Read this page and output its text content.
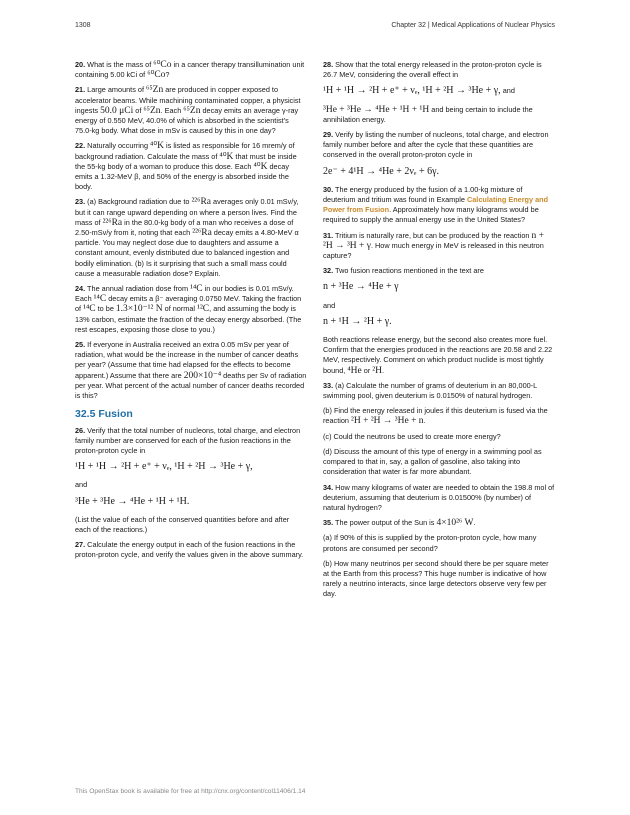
1308	Chapter 32 | Medical Applications of Nuclear Physics

20. What is the mass of ⁶⁰Co in a cancer therapy transillumination unit containing 5.00 kCi of ⁶⁰Co?

21. Large amounts of ⁶⁵Zn are produced in copper exposed to accelerator beams. While machining contaminated copper, a physicist ingests 50.0 μCi of ⁶⁵Zn. Each ⁶⁵Zn decay emits an average γ-ray energy of 0.550 MeV, 40.0% of which is absorbed in the scientist’s 75.0-kg body. What dose in mSv is caused by this in one day?

22. Naturally occurring ⁴⁰K is listed as responsible for 16 mrem/y of background radiation. Calculate the mass of ⁴⁰K that must be inside the 55-kg body of a woman to produce this dose. Each ⁴⁰K decay emits a 1.32-MeV β, and 50% of the energy is absorbed inside the body.

23. (a) Background radiation due to ²²⁶Ra averages only 0.01 mSv/y, but it can range upward depending on where a person lives. Find the mass of ²²⁶Ra in the 80.0-kg body of a man who receives a dose of 2.50-mSv/y from it, noting that each ²²⁶Ra decay emits a 4.80-MeV α particle. You may neglect dose due to daughters and assume a constant amount, evenly distributed due to balanced ingestion and bodily elimination. (b) Is it surprising that such a small mass could cause a measurable radiation dose? Explain.

24. The annual radiation dose from ¹⁴C in our bodies is 0.01 mSv/y. Each ¹⁴C decay emits a β⁻ averaging 0.0750 MeV. Taking the fraction of ¹⁴C to be 1.3×10⁻¹² N of normal ¹²C, and assuming the body is 13% carbon, estimate the fraction of the decay energy absorbed. (The rest escapes, exposing those close to you.)

25. If everyone in Australia received an extra 0.05 mSv per year of radiation, what would be the increase in the number of cancer deaths per year? (Assume that time had elapsed for the effects to become apparent.) Assume that there are 200×10⁻⁴ deaths per Sv of radiation per year. What percent of the actual number of cancer deaths recorded is this?

32.5 Fusion

26. Verify that the total number of nucleons, total charge, and electron family number are conserved for each of the fusion reactions in the proton-proton cycle in

¹H + ¹H → ²H + e⁺ + νₑ, ¹H + ²H → ³He + γ,

and

³He + ³He → ⁴He + ¹H + ¹H.

(List the value of each of the conserved quantities before and after each of the reactions.)

27. Calculate the energy output in each of the fusion reactions in the proton-proton cycle, and verify the values given in the above summary.

28. Show that the total energy released in the proton-proton cycle is 26.7 MeV, considering the overall effect in

¹H + ¹H → ²H + e⁺ + νₑ, ¹H + ²H → ³He + γ, and

³He + ³He → ⁴He + ¹H + ¹H and being certain to include the annihilation energy.

29. Verify by listing the number of nucleons, total charge, and electron family number before and after the cycle that these quantities are conserved in the overall proton-proton cycle in

2e⁻ + 4¹H → ⁴He + 2νₑ + 6γ.

30. The energy produced by the fusion of a 1.00-kg mixture of deuterium and tritium was found in Example Calculating Energy and Power from Fusion. Approximately how many kilograms would be required to supply the annual energy use in the United States?

31. Tritium is naturally rare, but can be produced by the reaction n + ²H → ³H + γ. How much energy in MeV is released in this neutron capture?

32. Two fusion reactions mentioned in the text are

n + ³He → ⁴He + γ

and

n + ¹H → ²H + γ.

Both reactions release energy, but the second also creates more fuel. Confirm that the energies produced in the reactions are 20.58 and 2.22 MeV, respectively. Comment on which product nuclide is most tightly bound, ⁴He or ²H.

33. (a) Calculate the number of grams of deuterium in an 80,000-L swimming pool, given deuterium is 0.0150% of natural hydrogen.

(b) Find the energy released in joules if this deuterium is fused via the reaction ²H + ²H → ³He + n.

(c) Could the neutrons be used to create more energy?

(d) Discuss the amount of this type of energy in a swimming pool as compared to that in, say, a gallon of gasoline, also taking into consideration that water is far more abundant.

34. How many kilograms of water are needed to obtain the 198.8 mol of deuterium, assuming that deuterium is 0.01500% (by number) of natural hydrogen?

35. The power output of the Sun is 4×10²⁶ W.

(a) If 90% of this is supplied by the proton-proton cycle, how many protons are consumed per second?

(b) How many neutrinos per second should there be per square meter at the Earth from this process? This huge number is indicative of how rarely a neutrino interacts, since large detectors observe very few per day.

This OpenStax book is available for free at http://cnx.org/content/col11406/1.14
